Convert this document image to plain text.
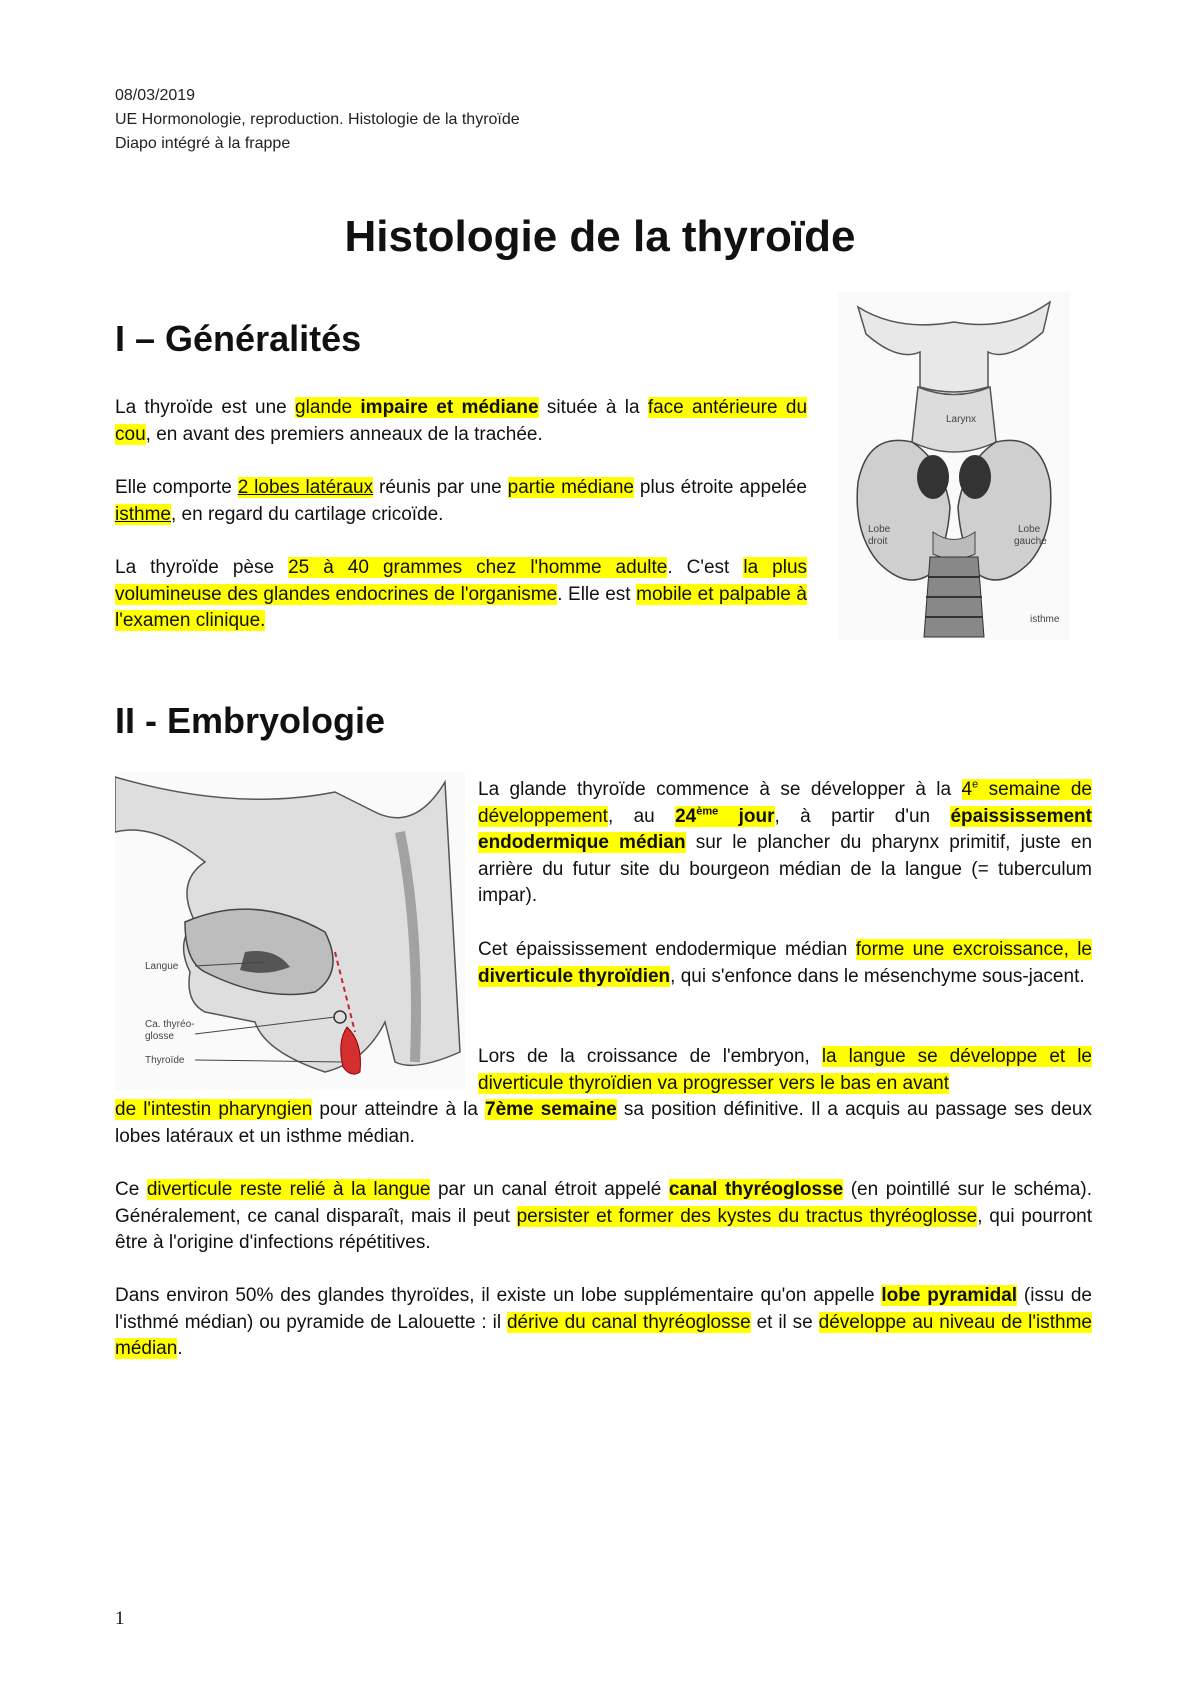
08/03/2019
UE Hormonologie, reproduction. Histologie de la thyroïde
Diapo intégré à la frappe
Histologie de la thyroïde
I – Généralités

La thyroïde est une glande impaire et médiane située à la face antérieure du cou, en avant des premiers anneaux de la trachée.

Elle comporte 2 lobes latéraux réunis par une partie médiane plus étroite appelée isthme, en regard du cartilage cricoïde.

La thyroïde pèse 25 à 40 grammes chez l'homme adulte. C'est la plus volumineuse des glandes endocrines de l'organisme. Elle est mobile et palpable à l'examen clinique.

Larynx
Lobe
droit
Lobe
gauche
isthme
II - Embryologie
Langue
Ca. thyréo-
glosse
Thyroïde

La glande thyroïde commence à se développer à la 4e semaine de développement, au 24ème jour, à partir d'un épaississement endodermique médian sur le plancher du pharynx primitif, juste en arrière du futur site du bourgeon médian de la langue (= tuberculum impar).

Cet épaississement endodermique médian forme une excroissance, le diverticule thyroïdien, qui s'enfonce dans le mésenchyme sous-jacent.

Lors de la croissance de l'embryon, la langue se développe et le diverticule thyroïdien va progresser vers le bas en avant

de l'intestin pharyngien pour atteindre à la 7ème semaine sa position définitive. Il a acquis au passage ses deux lobes latéraux et un isthme médian.

Ce diverticule reste relié à la langue par un canal étroit appelé canal thyréoglosse (en pointillé sur le schéma). Généralement, ce canal disparaît, mais il peut persister et former des kystes du tractus thyréoglosse, qui pourront être à l'origine d'infections répétitives.

Dans environ 50% des glandes thyroïdes, il existe un lobe supplémentaire qu'on appelle lobe pyramidal (issu de l'isthmé médian) ou pyramide de Lalouette : il dérive du canal thyréoglosse et il se développe au niveau de l'isthme médian.

1
